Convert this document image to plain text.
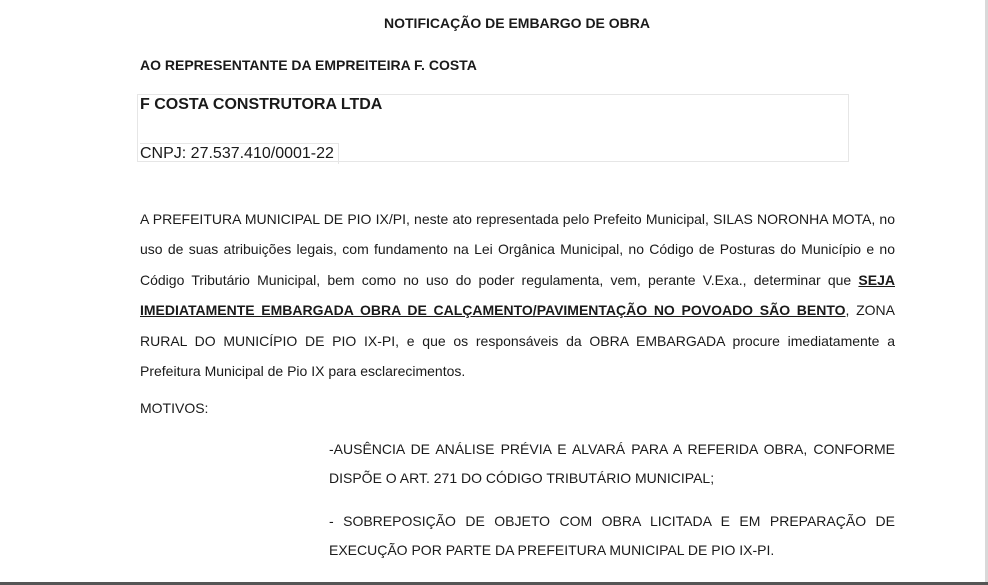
NOTIFICAÇÃO DE EMBARGO DE OBRA
AO REPRESENTANTE DA EMPREITEIRA F. COSTA
F COSTA CONSTRUTORA LTDA
CNPJ: 27.537.410/0001-22
A PREFEITURA MUNICIPAL DE PIO IX/PI, neste ato representada pelo Prefeito Municipal, SILAS NORONHA MOTA, no uso de suas atribuições legais, com fundamento na Lei Orgânica Municipal, no Código de Posturas do Município e no Código Tributário Municipal, bem como no uso do poder regulamenta, vem, perante V.Exa., determinar que SEJA IMEDIATAMENTE EMBARGADA OBRA DE CALÇAMENTO/PAVIMENTAÇÃO NO POVOADO SÃO BENTO, ZONA RURAL DO MUNICÍPIO DE PIO IX-PI, e que os responsáveis da OBRA EMBARGADA procure imediatamente a Prefeitura Municipal de Pio IX para esclarecimentos.
MOTIVOS:
-AUSÊNCIA DE ANÁLISE PRÉVIA E ALVARÁ PARA A REFERIDA OBRA, CONFORME DISPÕE O ART. 271 DO CÓDIGO TRIBUTÁRIO MUNICIPAL;
- SOBREPOSIÇÃO DE OBJETO COM OBRA LICITADA E EM PREPARAÇÃO DE EXECUÇÃO POR PARTE DA PREFEITURA MUNICIPAL DE PIO IX-PI.
